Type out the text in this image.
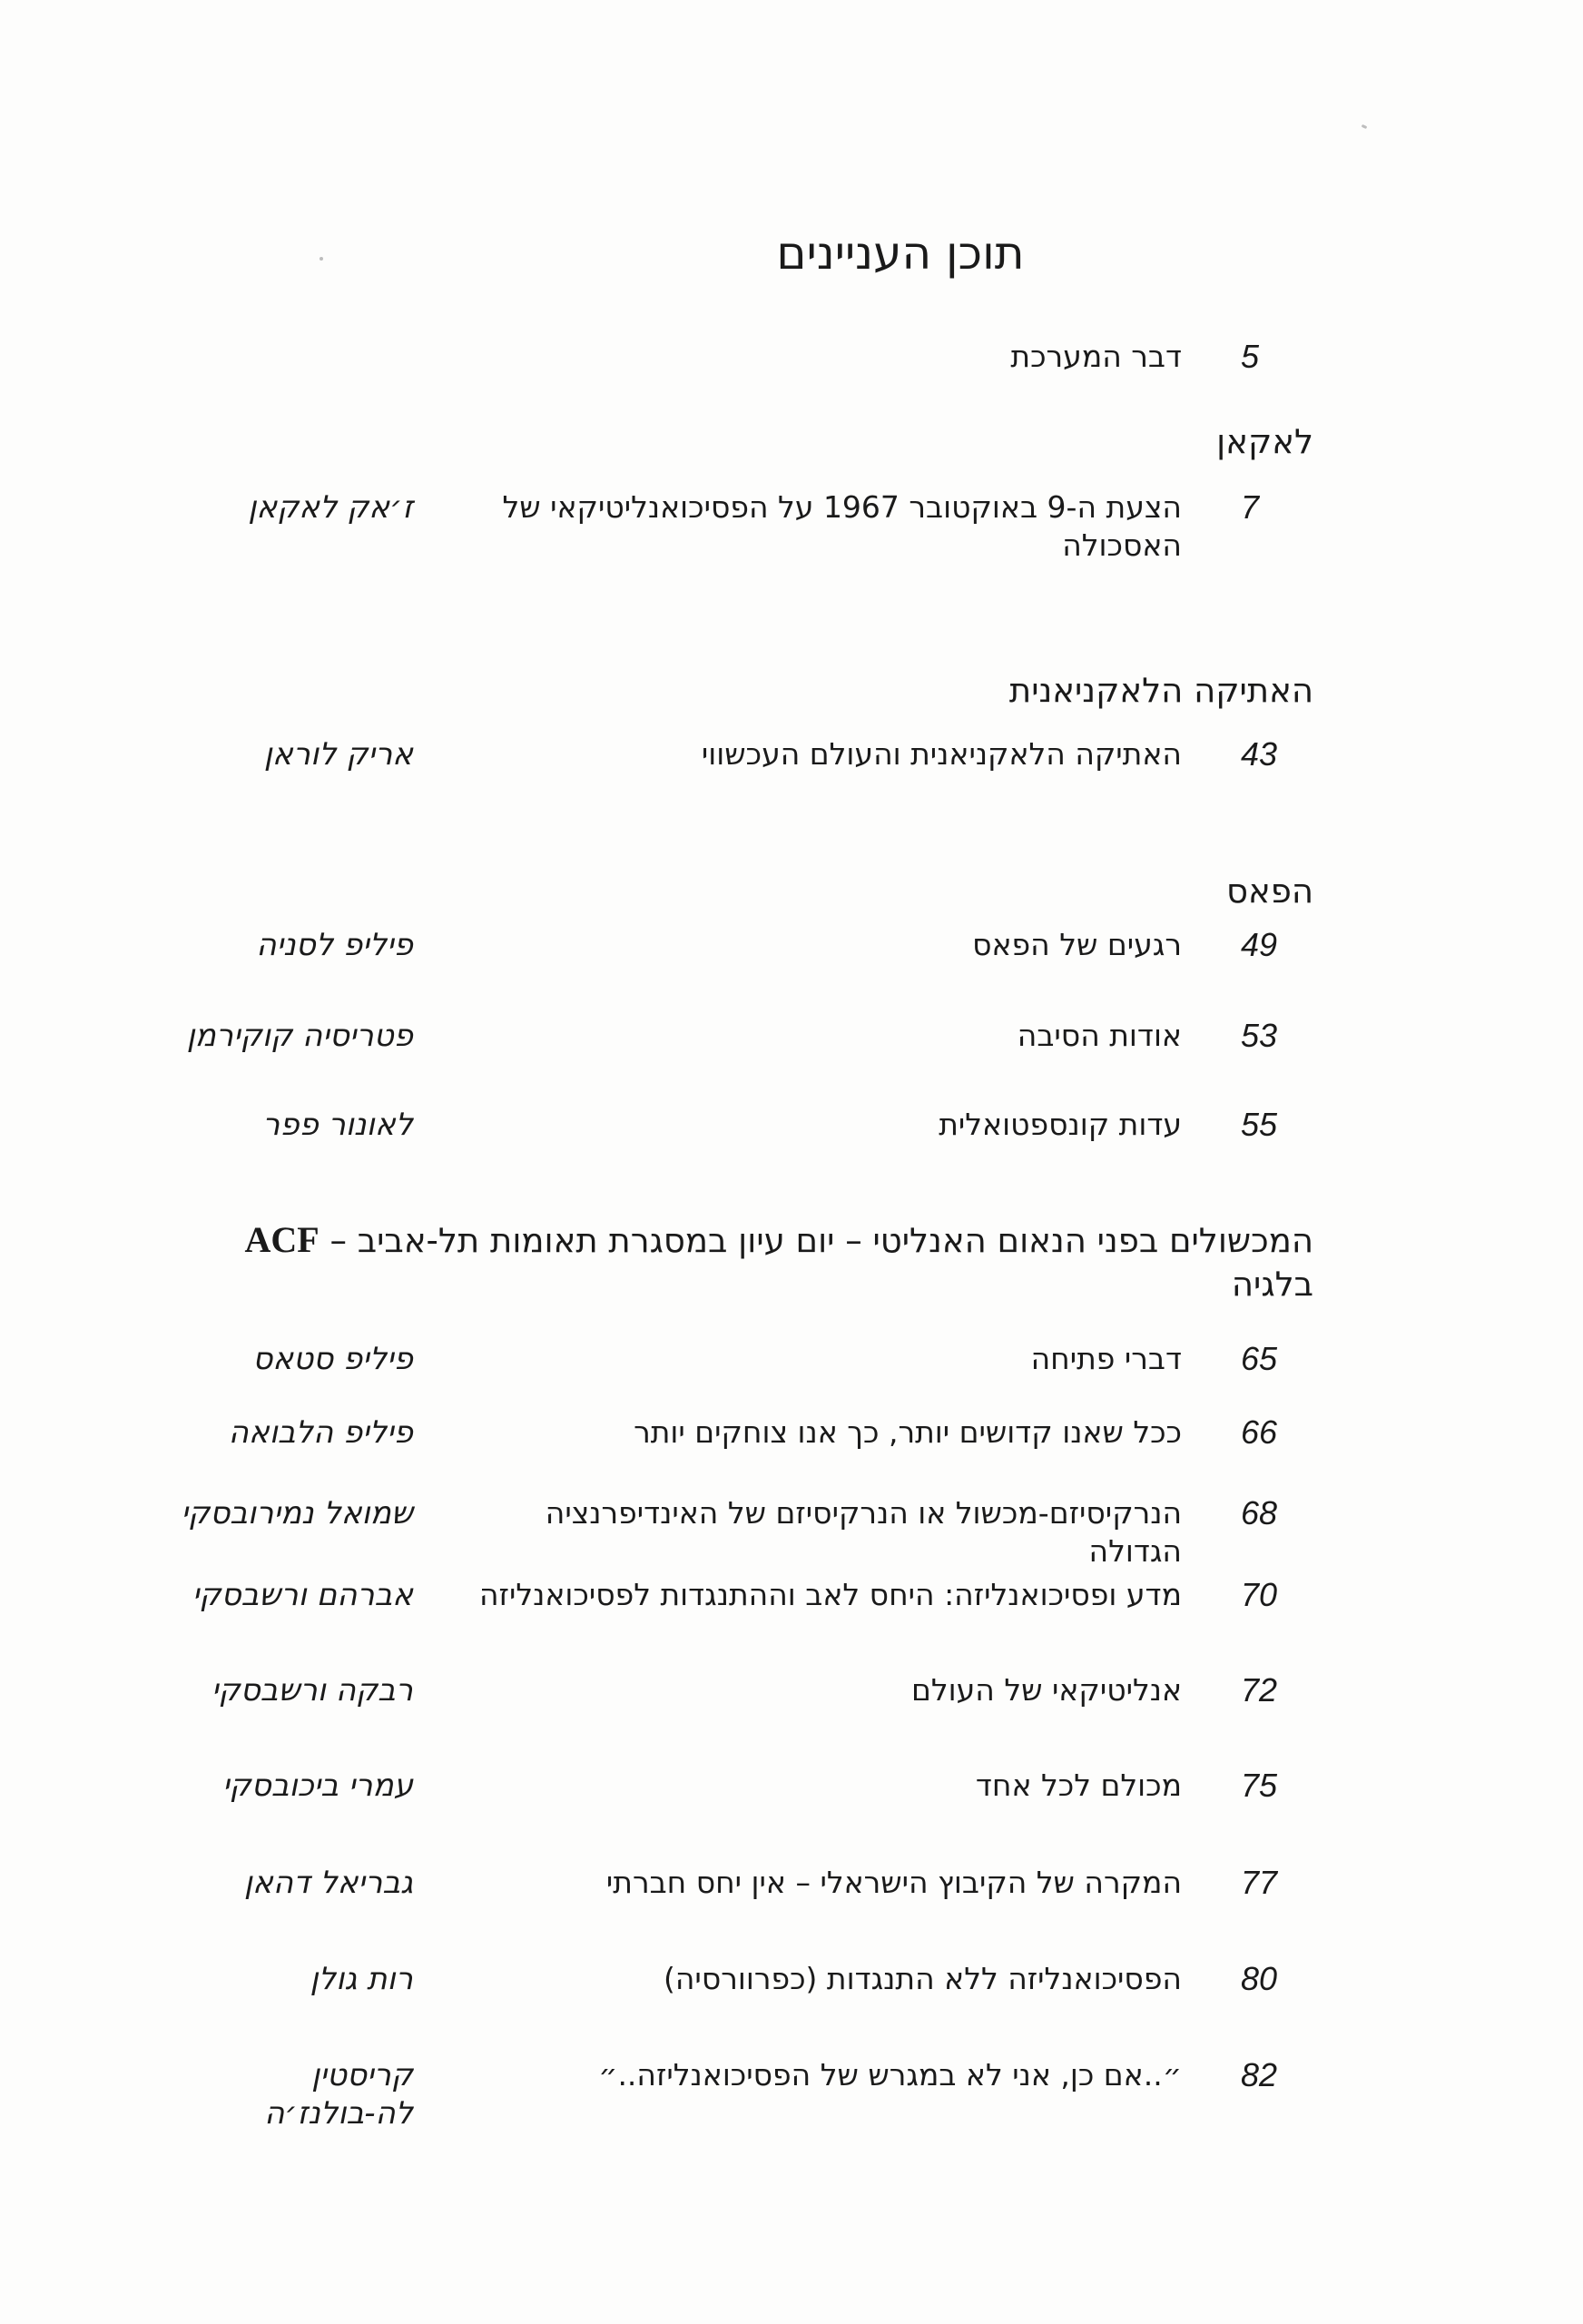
תוכן העניינים
5
דבר המערכת
לאקאן
7
הצעת ה-9 באוקטובר 1967 על הפסיכואנליטיקאי של האסכולה
ז׳אק לאקאן
האתיקה הלאקניאנית
43
האתיקה הלאקניאנית והעולם העכשווי
אריק לוראן
הפאס
49
רגעים של הפאס
פיליפ לסניה
53
אודות הסיבה
פטריסיה קוקירמן
55
עדות קונספטואלית
לאונור פפר
המכשולים בפני הנאום האנליטי – יום עיון במסגרת תאומות תל-אביב – ACF
בלגיה
65
דברי פתיחה
פיליפ סטאס
66
ככל שאנו קדושים יותר, כך אנו צוחקים יותר
פיליפ הלבואה
68
הנרקיסיזם-מכשול או הנרקיסיזם של האינדיפרנציה הגדולה
שמואל נמירובסקי
70
מדע ופסיכואנליזה: היחס לאב וההתנגדות לפסיכואנליזה
אברהם ורשבסקי
72
אנליטיקאי של העולם
רבקה ורשבסקי
75
מכולם לכל אחד
עמרי ביכובסקי
77
המקרה של הקיבוץ הישראלי – אין יחס חברתי
גבריאל דהאן
80
הפסיכואנליזה ללא התנגדות (כפרוורסיה)
רות גולן
82
״..אם כן, אני לא במגרש של הפסיכואנליזה..״
קריסטין לה-בולנז׳ה
